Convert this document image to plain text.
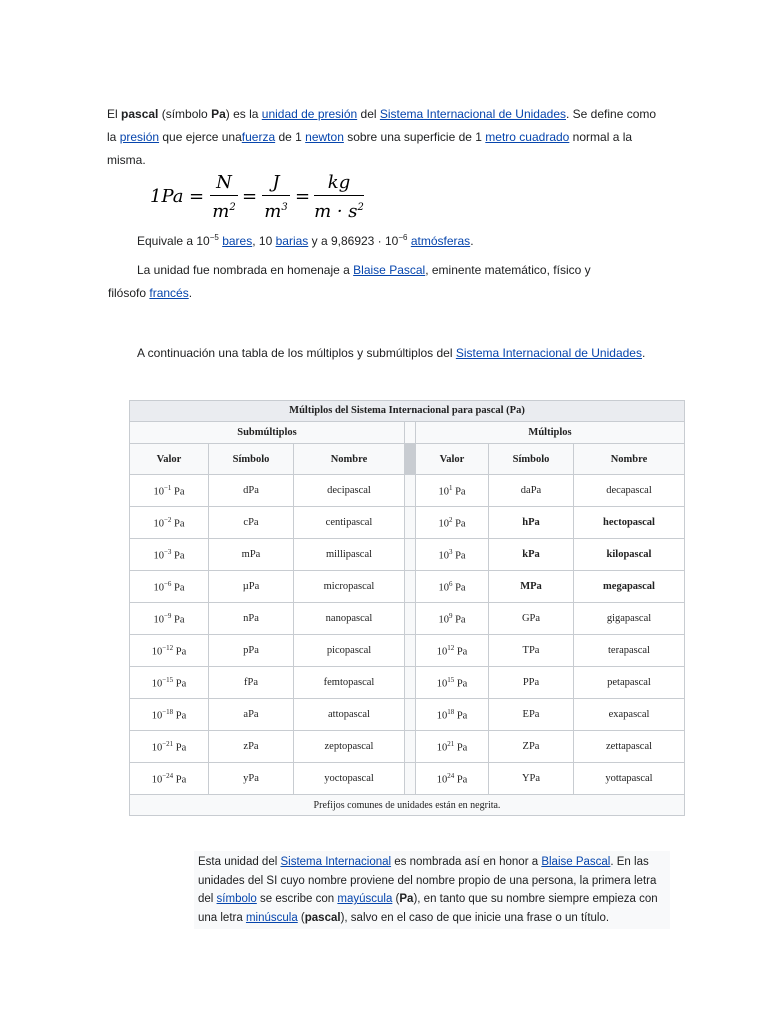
El pascal (símbolo Pa) es la unidad de presión del Sistema Internacional de Unidades. Se define como la presión que ejerce unafuerza de 1 newton sobre una superficie de 1 metro cuadrado normal a la misma.
1Pa =
N
$m^2$
=
J
$m^3$
=
kg
$m \cdot s^2$
Equivale a $10^{-5}$ bares, 10 barias y a $9,86923 \cdot 10^{-6}$ atmósferas.
La unidad fue nombrada en homenaje a Blaise Pascal, eminente matemático, físico y filósofo francés.
A continuación una tabla de los múltiplos y submúltiplos del Sistema Internacional de Unidades.
Múltiplos del Sistema Internacional para pascal (Pa)
Submúltiplos				Múltiplos		
Valor	Símbolo	Nombre		Valor	Símbolo	Nombre
$10^{-1}$ Pa	dPa	decipascal		$10^1$ Pa	daPa	decapascal
$10^{-2}$ Pa	cPa	centipascal		$10^2$ Pa	hPa	hectopascal
$10^{-3}$ Pa	mPa	millipascal		$10^3$ Pa	kPa	kilopascal
$10^{-6}$ Pa	µPa	micropascal		$10^6$ Pa	MPa	megapascal
$10^{-9}$ Pa	nPa	nanopascal		$10^9$ Pa	GPa	gigapascal
$10^{-12}$ Pa	pPa	picopascal		$10^{12}$ Pa	TPa	terapascal
$10^{-15}$ Pa	fPa	femtopascal		$10^{15}$ Pa	PPa	petapascal
$10^{-18}$ Pa	aPa	attopascal		$10^{18}$ Pa	EPa	exapascal
$10^{-21}$ Pa	zPa	zeptopascal		$10^{21}$ Pa	ZPa	zettapascal
$10^{-24}$ Pa	yPa	yoctopascal		$10^{24}$ Pa	YPa	yottapascal
Prefijos comunes de unidades están en negrita.						
Esta unidad del Sistema Internacional es nombrada así en honor a Blaise Pascal. En las unidades del SI cuyo nombre proviene del nombre propio de una persona, la primera letra del símbolo se escribe con mayúscula (Pa), en tanto que su nombre siempre empieza con una letra minúscula (pascal), salvo en el caso de que inicie una frase o un título.
